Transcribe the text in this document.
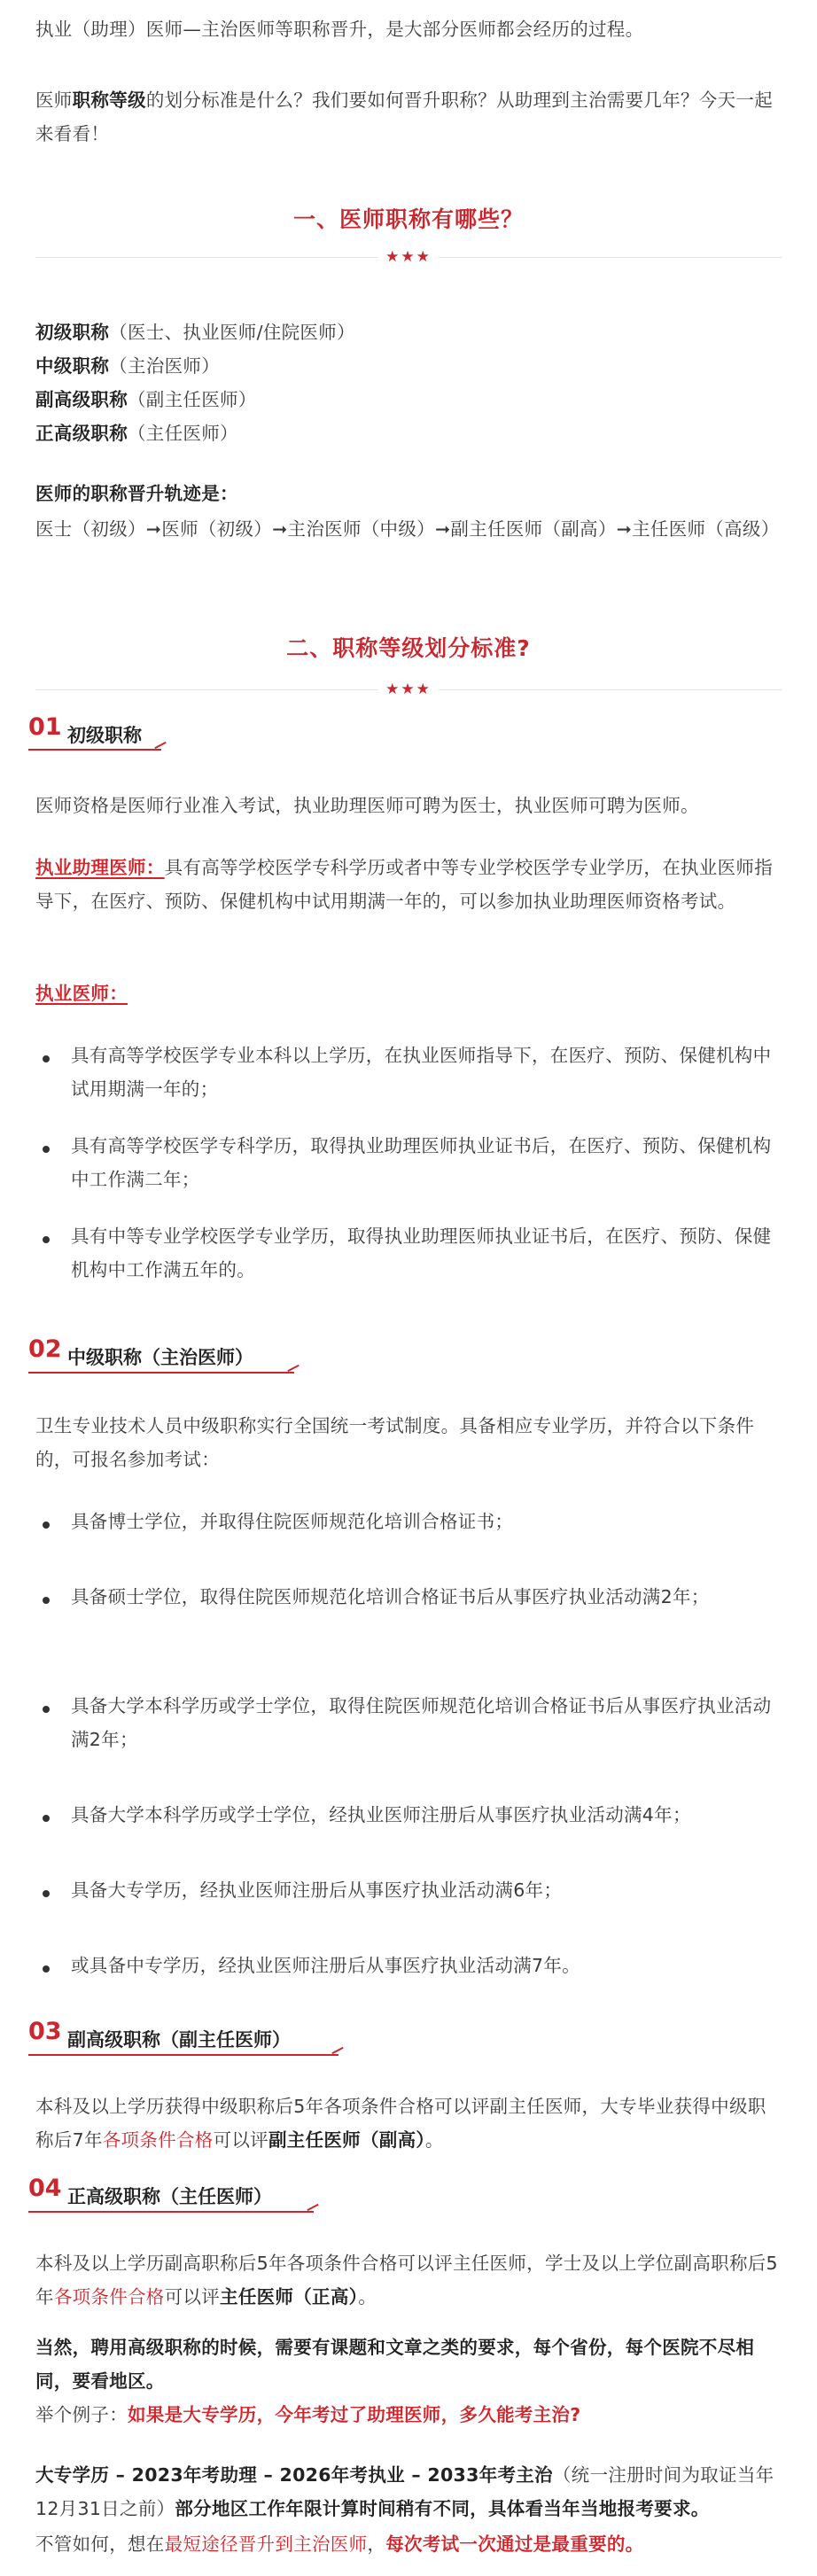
执业（助理）医师—主治医师等职称晋升，是大部分医师都会经历的过程。

医师职称等级的划分标准是什么？我们要如何晋升职称？从助理到主治需要几年？今天一起来看看！

一、医师职称有哪些？
★★★

初级职称（医士、执业医师/住院医师）

中级职称（主治医师）

副高级职称（副主任医师）

正高级职称（主任医师）

医师的职称晋升轨迹是：

医士（初级）➞医师（初级）➞主治医师（中级）➞副主任医师（副高）➞主任医师（高级）

二、职称等级划分标准?
★★★
01 初级职称

医师资格是医师行业准入考试，执业助理医师可聘为医士，执业医师可聘为医师。

执业助理医师：具有高等学校医学专科学历或者中等专业学校医学专业学历，在执业医师指导下，在医疗、预防、保健机构中试用期满一年的，可以参加执业助理医师资格考试。

执业医师：

具有高等学校医学专业本科以上学历，在执业医师指导下，在医疗、预防、保健机构中试用期满一年的；

具有高等学校医学专科学历，取得执业助理医师执业证书后，在医疗、预防、保健机构中工作满二年；

具有中等专业学校医学专业学历，取得执业助理医师执业证书后，在医疗、预防、保健机构中工作满五年的。

02 中级职称（主治医师）

卫生专业技术人员中级职称实行全国统一考试制度。具备相应专业学历，并符合以下条件的，可报名参加考试：

具备博士学位，并取得住院医师规范化培训合格证书；

具备硕士学位，取得住院医师规范化培训合格证书后从事医疗执业活动满2年；

具备大学本科学历或学士学位，取得住院医师规范化培训合格证书后从事医疗执业活动满2年；

具备大学本科学历或学士学位，经执业医师注册后从事医疗执业活动满4年；

具备大专学历，经执业医师注册后从事医疗执业活动满6年；

或具备中专学历，经执业医师注册后从事医疗执业活动满7年。

03 副高级职称（副主任医师）

本科及以上学历获得中级职称后5年各项条件合格可以评副主任医师，大专毕业获得中级职称后7年各项条件合格可以评副主任医师（副高）。

04 正高级职称（主任医师）

本科及以上学历副高职称后5年各项条件合格可以评主任医师，学士及以上学位副高职称后5年各项条件合格可以评主任医师（正高）。

当然，聘用高级职称的时候，需要有课题和文章之类的要求，每个省份，每个医院不尽相同，要看地区。

举个例子：如果是大专学历，今年考过了助理医师，多久能考主治?

大专学历 – 2023年考助理 – 2026年考执业 – 2033年考主治（统一注册时间为取证当年12月31日之前）部分地区工作年限计算时间稍有不同，具体看当年当地报考要求。

不管如何，想在最短途径晋升到主治医师，每次考试一次通过是最重要的。
